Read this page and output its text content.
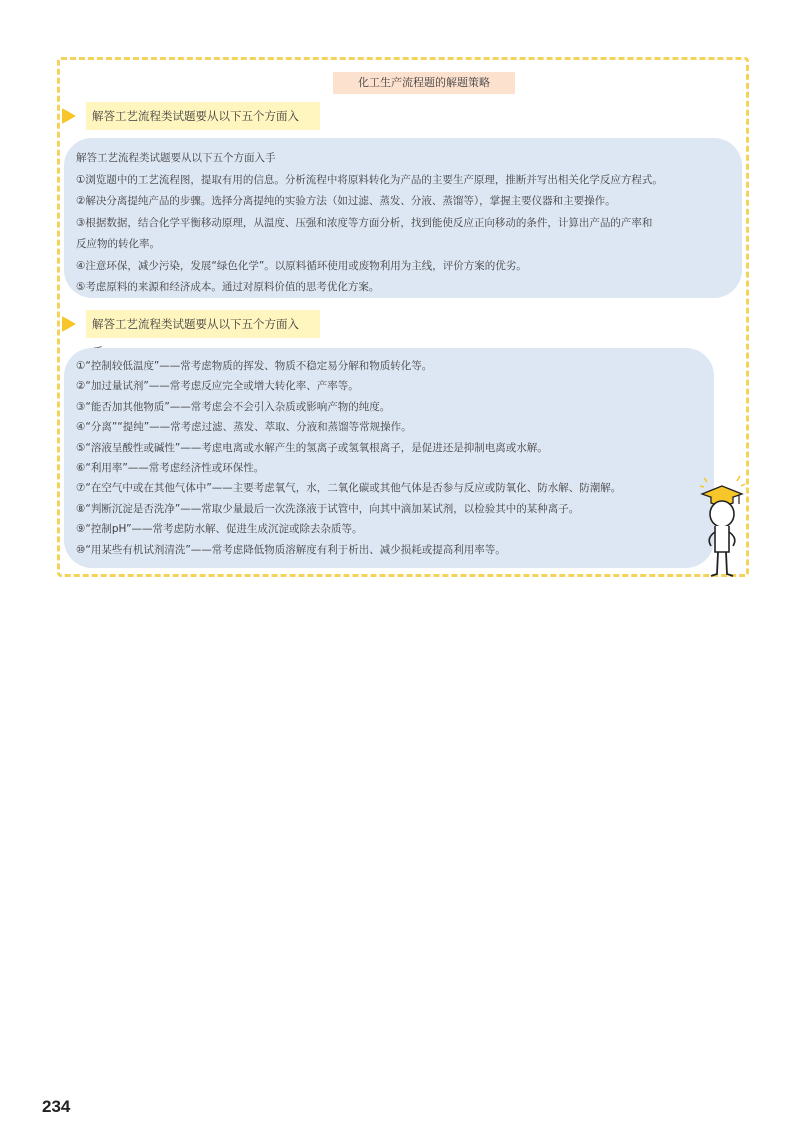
化工生产流程题的解题策略
解答工艺流程类试题要从以下五个方面入
解答工艺流程类试题要从以下五个方面入手
①浏览题中的工艺流程图，提取有用的信息。分析流程中将原料转化为产品的主要生产原理，推断并写出相关化学反应方程式。
②解决分离提纯产品的步骤。选择分离提纯的实验方法（如过滤、蒸发、分液、蒸馏等），掌握主要仪器和主要操作。
③根据数据，结合化学平衡移动原理，从温度、压强和浓度等方面分析，找到能使反应正向移动的条件，计算出产品的产率和
反应物的转化率。
④注意环保，减少污染，发展“绿色化学”。以原料循环使用或废物利用为主线，评价方案的优劣。
⑤考虑原料的来源和经济成本。通过对原料价值的思考优化方案。
解答工艺流程类试题要从以下五个方面入
①“控制较低温度”——常考虑物质的挥发、物质不稳定易分解和物质转化等。
②“加过量试剂”——常考虑反应完全或增大转化率、产率等。
③“能否加其他物质”——常考虑会不会引入杂质或影响产物的纯度。
④“分离”“提纯”——常考虑过滤、蒸发、萃取、分液和蒸馏等常规操作。
⑤“溶液呈酸性或碱性”——考虑电离或水解产生的氢离子或氢氧根离子，是促进还是抑制电离或水解。
⑥“利用率”——常考虑经济性或环保性。
⑦“在空气中或在其他气体中”——主要考虑氧气，水，二氧化碳或其他气体是否参与反应或防氧化、防水解、防潮解。
⑧“判断沉淀是否洗净”——常取少量最后一次洗涤液于试管中，向其中滴加某试剂，以检验其中的某种离子。
⑨“控制pH”——常考虑防水解、促进生成沉淀或除去杂质等。
⑩“用某些有机试剂清洗”——常考虑降低物质溶解度有利于析出、减少损耗或提高利用率等。
234
